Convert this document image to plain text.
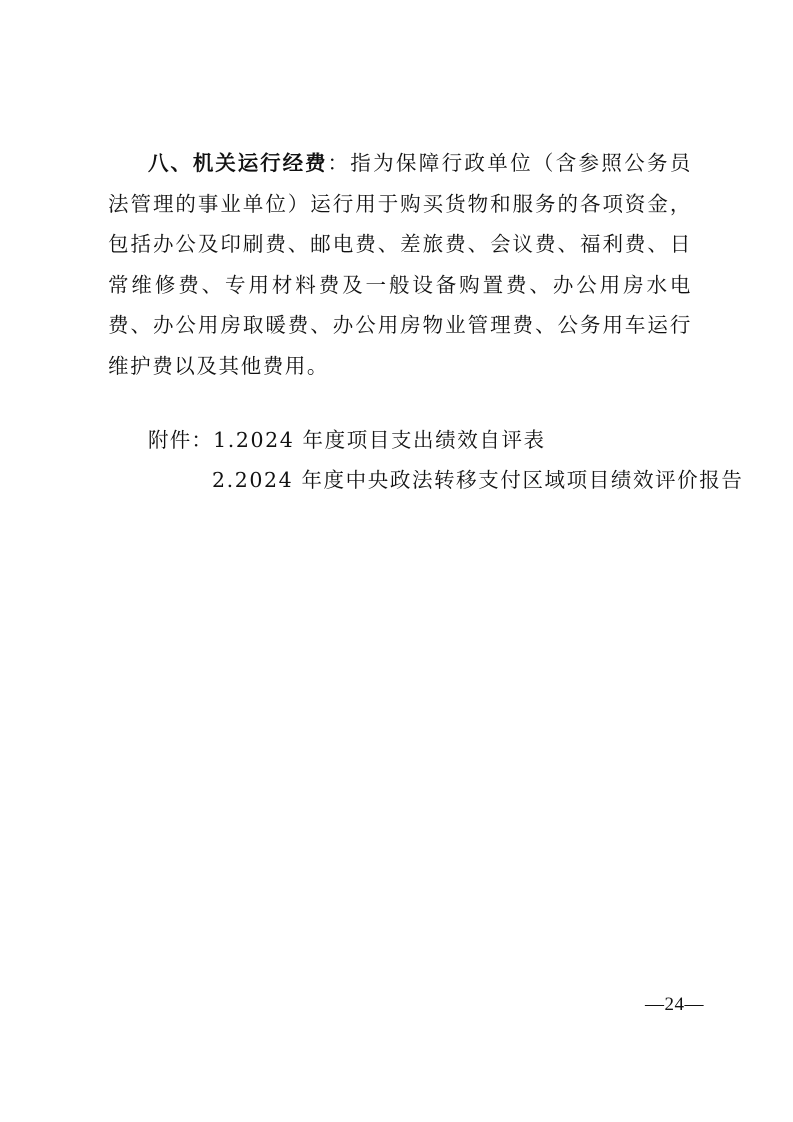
八、机关运行经费：指为保障行政单位（含参照公务员法管理的事业单位）运行用于购买货物和服务的各项资金，包括办公及印刷费、邮电费、差旅费、会议费、福利费、日常维修费、专用材料费及一般设备购置费、办公用房水电费、办公用房取暖费、办公用房物业管理费、公务用车运行维护费以及其他费用。

附件：1.2024 年度项目支出绩效自评表
2.2024 年度中央政法转移支付区域项目绩效评价报告
—24—
